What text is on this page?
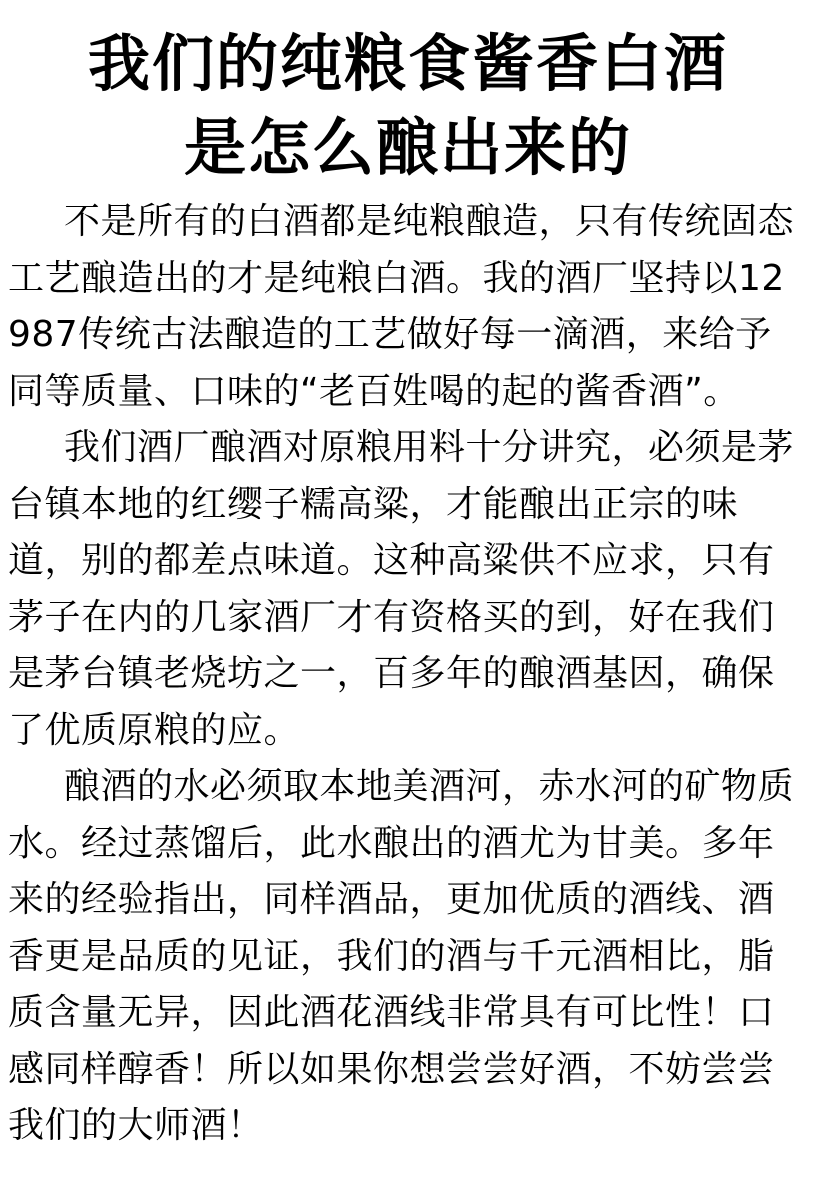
我们的纯粮食酱香白酒
是怎么酿出来的

不是所有的白酒都是纯粮酿造，只有传统固态工艺酿造出的才是纯粮白酒。我的酒厂坚持以12987传统古法酿造的工艺做好每一滴酒，来给予同等质量、口味的“老百姓喝的起的酱香酒”。

我们酒厂酿酒对原粮用料十分讲究，必须是茅台镇本地的红缨子糯高粱，才能酿出正宗的味道，别的都差点味道。这种高粱供不应求，只有茅子在内的几家酒厂才有资格买的到，好在我们是茅台镇老烧坊之一，百多年的酿酒基因，确保了优质原粮的应。

酿酒的水必须取本地美酒河，赤水河的矿物质水。经过蒸馏后，此水酿出的酒尤为甘美。多年来的经验指出，同样酒品，更加优质的酒线、酒香更是品质的见证，我们的酒与千元酒相比，脂质含量无异，因此酒花酒线非常具有可比性！口感同样醇香！所以如果你想尝尝好酒，不妨尝尝我们的大师酒！
